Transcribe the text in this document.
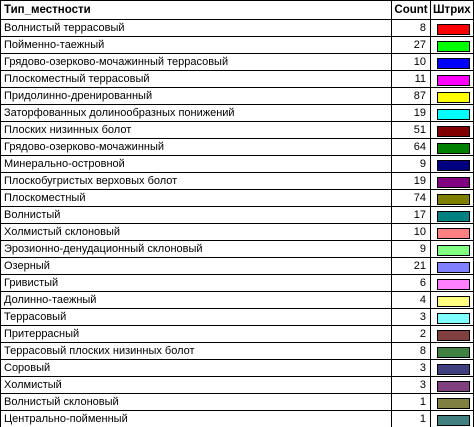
Тип_местности	Count	Штрих
Волнистый террасовый	8	

Пойменно-таежный	27	

Грядово-озерково-мочажинный террасовый	10	

Плоскоместный террасовый	11	

Придолинно-дренированный	87	

Заторфованных долинообразных понижений	19	

Плоских низинных болот	51	

Грядово-озерково-мочажинный	64	

Минерально-островной	9	

Плоскобугристых верховых болот	19	

Плоскоместный	74	

Волнистый	17	

Холмистый склоновый	10	

Эрозионно-денудационный склоновый	9	

Озерный	21	

Гривистый	6	

Долинно-таежный	4	

Террасовый	3	

Притеррасный	2	

Террасовый плоских низинных болот	8	

Соровый	3	

Холмистый	3	

Волнистый склоновый	1	

Центрально-пойменный	1	
